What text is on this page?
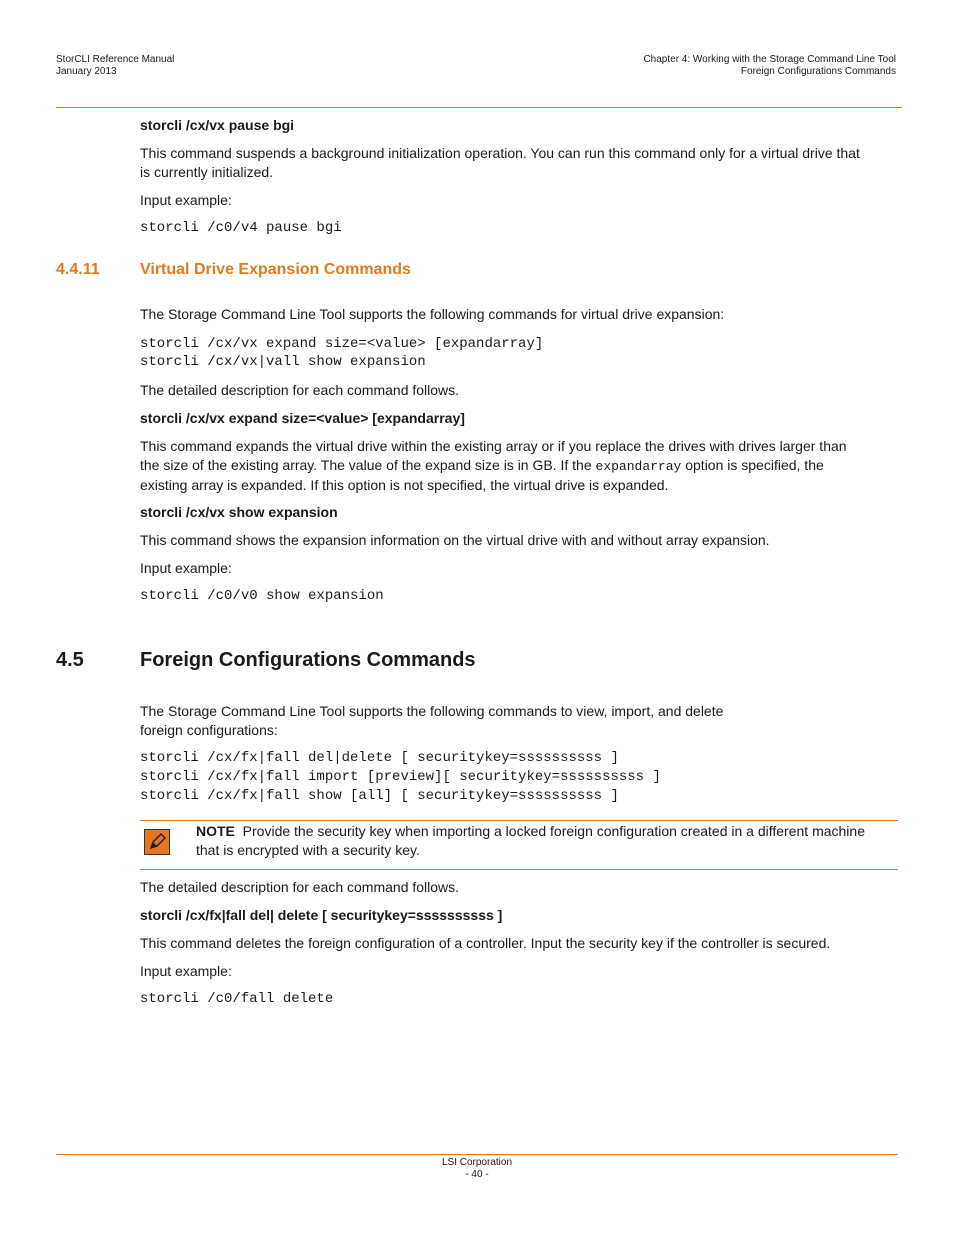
StorCLI Reference Manual
January 2013
Chapter 4: Working with the Storage Command Line Tool
Foreign Configurations Commands
storcli /cx/vx pause bgi
This command suspends a background initialization operation. You can run this command only for a virtual drive that
is currently initialized.
Input example:
storcli /c0/v4 pause bgi
4.4.11	Virtual Drive Expansion Commands
The Storage Command Line Tool supports the following commands for virtual drive expansion:
storcli /cx/vx expand size=<value> [expandarray]
storcli /cx/vx|vall show expansion
The detailed description for each command follows.
storcli /cx/vx expand size=<value> [expandarray]
This command expands the virtual drive within the existing array or if you replace the drives with drives larger than
the size of the existing array. The value of the expand size is in GB. If the expandarray option is specified, the
existing array is expanded. If this option is not specified, the virtual drive is expanded.
storcli /cx/vx show expansion
This command shows the expansion information on the virtual drive with and without array expansion.
Input example:
storcli /c0/v0 show expansion
4.5	Foreign Configurations Commands
The Storage Command Line Tool supports the following commands to view, import, and delete
foreign configurations:
storcli /cx/fx|fall del|delete [ securitykey=ssssssssss ]
storcli /cx/fx|fall import [preview][ securitykey=ssssssssss ]
storcli /cx/fx|fall show [all] [ securitykey=ssssssssss ]
NOTE Provide the security key when importing a locked foreign configuration created in a different machine
that is encrypted with a security key.
The detailed description for each command follows.
storcli /cx/fx|fall del| delete [ securitykey=ssssssssss ]
This command deletes the foreign configuration of a controller. Input the security key if the controller is secured.
Input example:
storcli /c0/fall delete
LSI Corporation
- 40 -
